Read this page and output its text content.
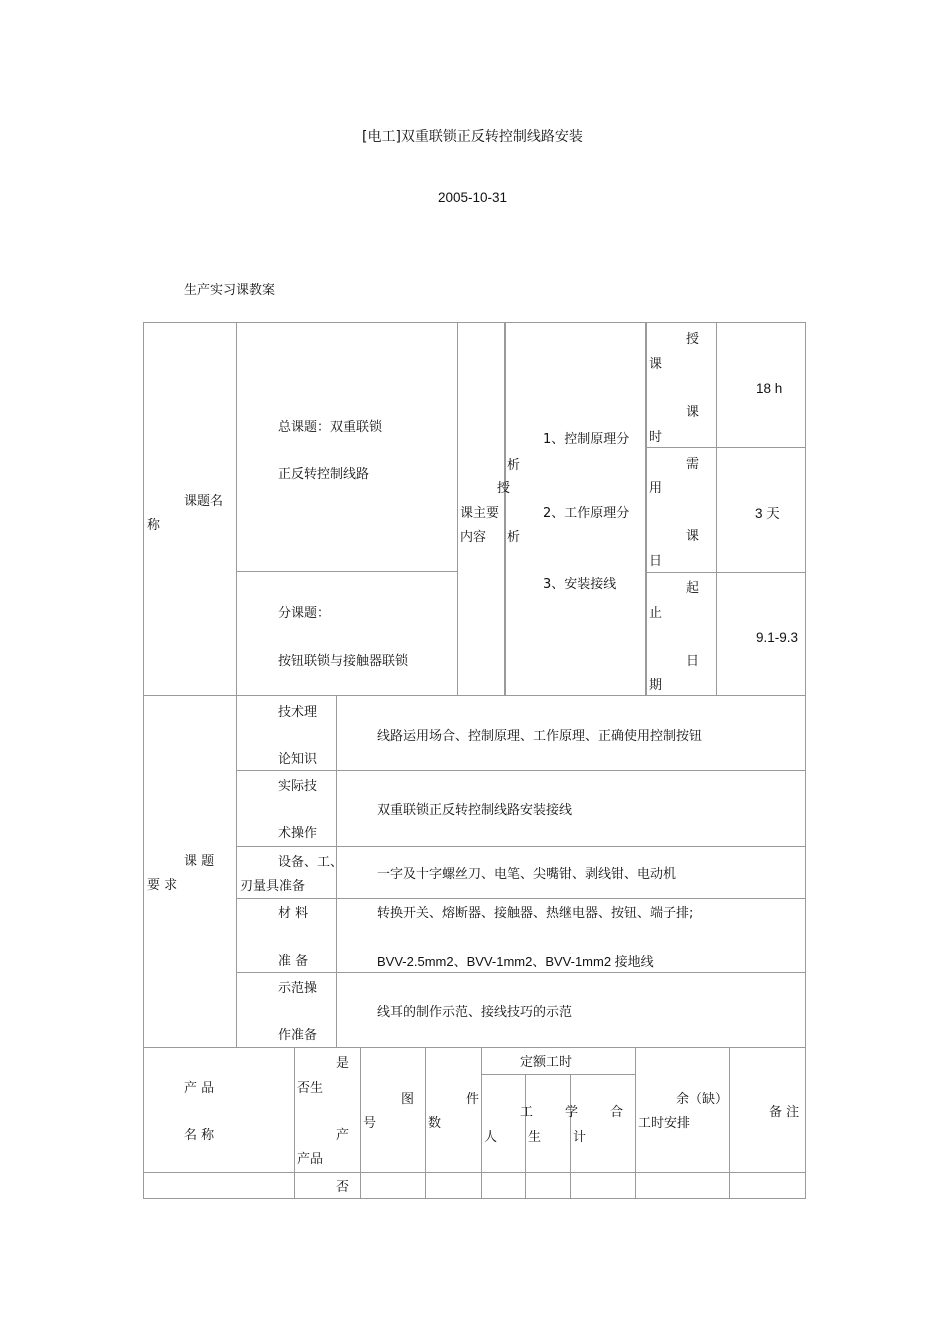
[电工]双重联锁正反转控制线路安装
2005-10-31
生产实习课教案
课题名
称
总课题：双重联锁
正反转控制线路
分课题：
按钮联锁与接触器联锁
析
授
课主要
内容 析
1、控制原理分
2、工作原理分
3、安装接线
授
课
课
时
18 h
需
用
课
日
3 天
起
止
日
期
9.1-9.3
课 题
要 求
技术理
论知识
线路运用场合、控制原理、工作原理、正确使用控制按钮
实际技
术操作
双重联锁正反转控制线路安装接线
设备、工、
刃量具准备
一字及十字螺丝刀、电笔、尖嘴钳、剥线钳、电动机
材 料
准 备
转换开关、熔断器、接触器、热继电器、按钮、端子排;
BVV-2.5mm2、BVV-1mm2、BVV-1mm2 接地线
示范操
作准备
线耳的制作示范、接线技巧的示范
产 品
名 称
是
否生
产
产品
图
号
件
数
定额工时
工
人
学
生
合
计
余（缺）
工时安排
备 注
否
